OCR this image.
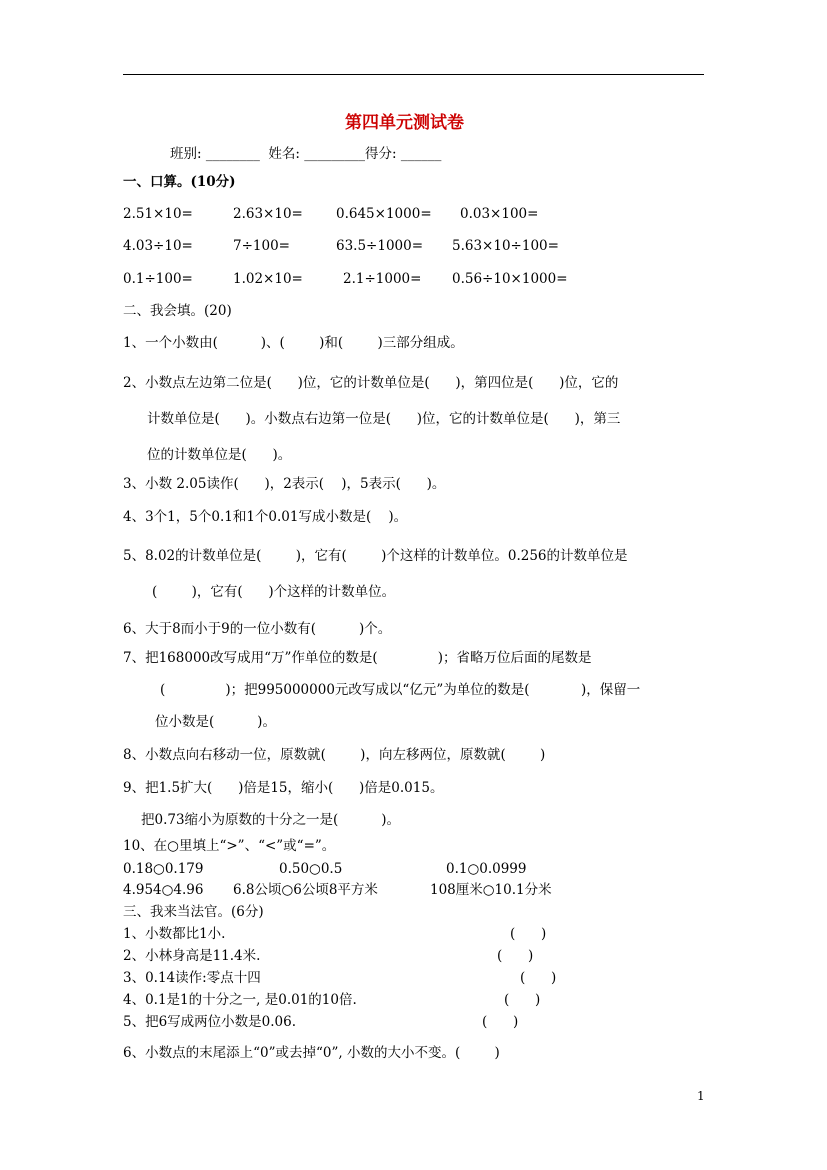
第四单元测试卷
班别: ________  姓名: _________得分: ______
一、口算。(10分)
2.51×10=	2.63×10= 0.645×1000= 0.03×100=
4.03÷10=	7÷100=	63.5÷1000= 5.63×10÷100=
0.1÷100=	1.02×10=	2.1÷1000= 0.56÷10×1000=
二、我会填。(20)
1、一个小数由(          )、(        )和(        )三部分组成。
2、小数点左边第二位是(      )位，它的计数单位是(      )，第四位是(      )位，它的
计数单位是(      )。小数点右边第一位是(      )位，它的计数单位是(      )，第三
位的计数单位是(      )。
3、小数 2.05读作(      )，2表示(    )，5表示(      )。
4、3个1，5个0.1和1个0.01写成小数是(    )。
5、8.02的计数单位是(        )，它有(        )个这样的计数单位。0.256的计数单位是
(        )，它有(      )个这样的计数单位。
6、大于8而小于9的一位小数有(          )个。
7、把168000改写成用“万”作单位的数是(              )；省略万位后面的尾数是
(              )；把995000000元改写成以“亿元”为单位的数是(            )，保留一
位小数是(          )。
8、小数点向右移动一位，原数就(        )，向左移两位，原数就(        )
9、把1.5扩大(      )倍是15，缩小(      )倍是0.015。
把0.73缩小为原数的十分之一是(          )。
10、在○里填上“>”、“<”或“=”。
0.18○0.179	0.50○0.5	0.1○0.0999
4.954○4.96 6.8公顷○6公顷8平方米	108厘米○10.1分米
三、我来当法官。(6分)
1、小数都比1小.	(      )
2、小林身高是11.4米.	(      )
3、0.14读作:零点十四	(      )
4、0.1是1的十分之一, 是0.01的10倍.	(      )
5、把6写成两位小数是0.06.	(      )
6、小数点的末尾添上“0”或去掉“0”, 小数的大小不变。(        )
1
